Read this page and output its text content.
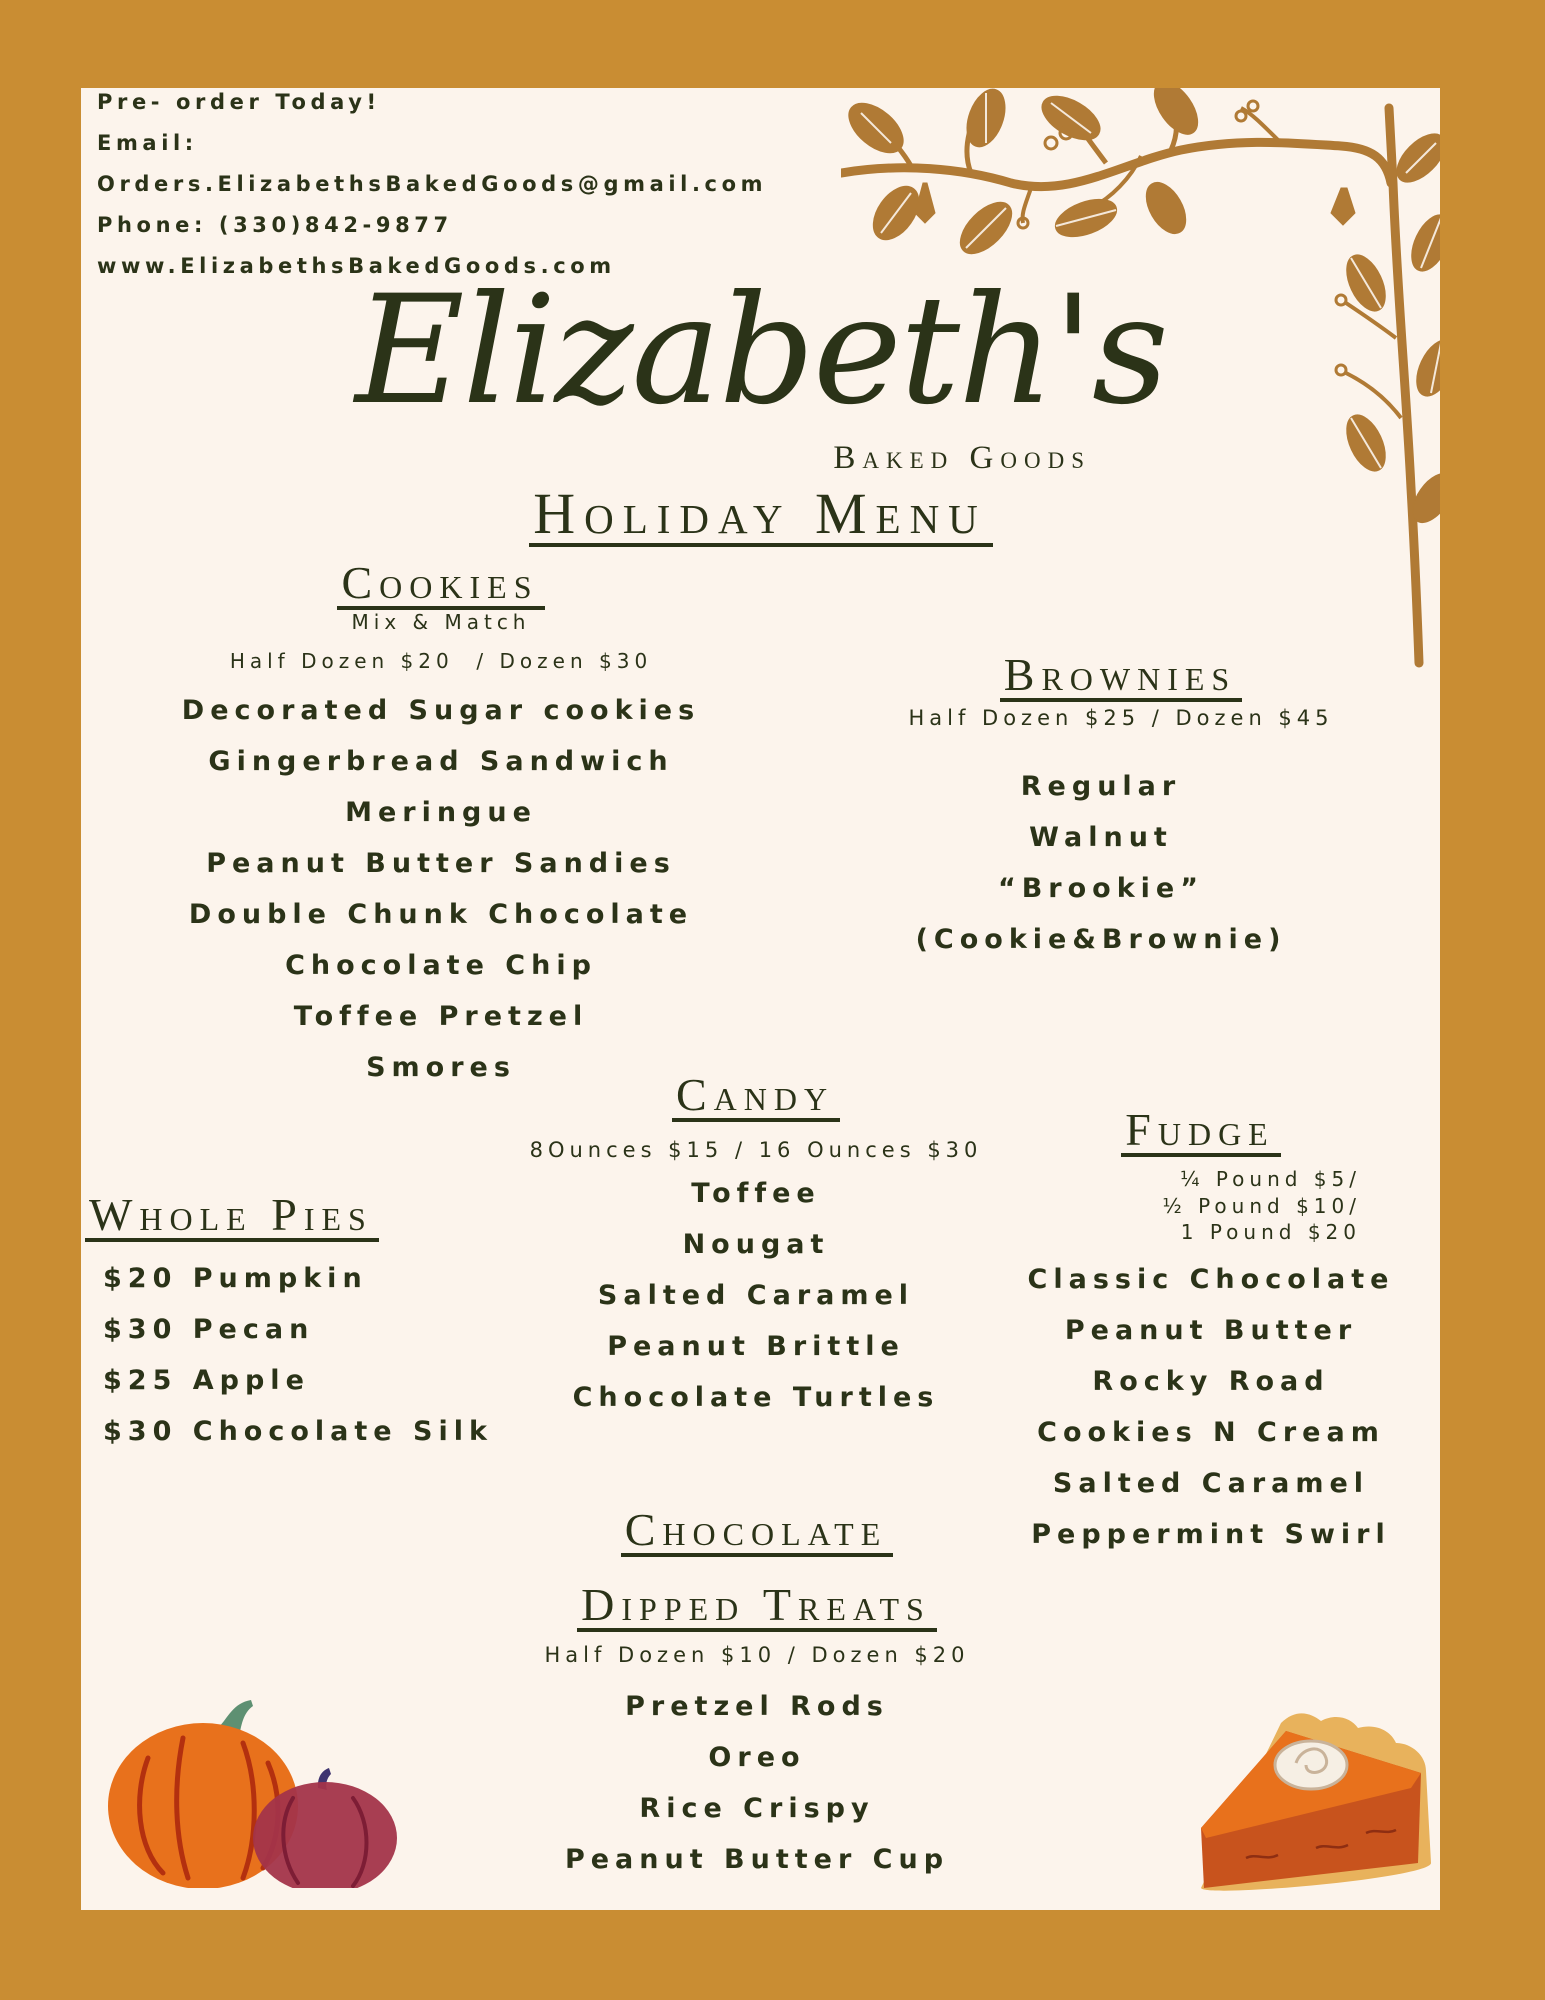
Pre- order Today!
Email:
Orders.ElizabethsBakedGoods@gmail.com
Phone: (330)842-9877
www.ElizabethsBakedGoods.com
Elizabeth's
Baked Goods
Holiday Menu
Cookies
Mix & Match
Half Dozen $20  / Dozen $30
Decorated Sugar cookies
Gingerbread Sandwich
Meringue
Peanut Butter Sandies
Double Chunk Chocolate
Chocolate Chip
Toffee Pretzel
Smores
Brownies
Half Dozen $25 / Dozen $45
Regular
Walnut
“Brookie”
(Cookie&Brownie)
Candy
8Ounces $15 / 16 Ounces $30
Toffee
Nougat
Salted Caramel
Peanut Brittle
Chocolate Turtles
Fudge
¼ Pound $5/
½ Pound $10/
1 Pound $20
Classic Chocolate
Peanut Butter
Rocky Road
Cookies N Cream
Salted Caramel
Peppermint Swirl
Whole Pies
$20 Pumpkin
$30 Pecan
$25 Apple
$30 Chocolate Silk
Chocolate
Dipped Treats
Half Dozen $10 / Dozen $20
Pretzel Rods
Oreo
Rice Crispy
Peanut Butter Cup
